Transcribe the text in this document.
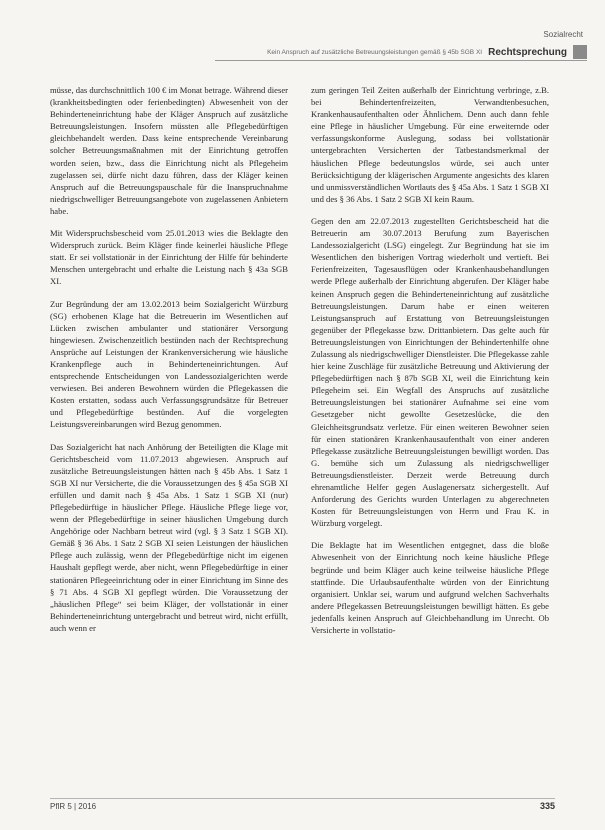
Sozialrecht
Kein Anspruch auf zusätzliche Betreuungsleistungen gemäß § 45b SGB XI Rechtsprechung

müsse, das durchschnittlich 100 € im Monat betrage. Während dieser (krankheitsbedingten oder ferienbedingten) Abwesenheit von der Behinderteneinrichtung habe der Kläger Anspruch auf zusätzliche Betreuungsleistungen. Insofern müssten alle Pflegebedürftigen gleichbehandelt werden. Dass keine entsprechende Vereinbarung solcher Betreuungsmaßnahmen mit der Einrichtung getroffen worden seien, bzw., dass die Einrichtung nicht als Pflegeheim zugelassen sei, dürfe nicht dazu führen, dass der Kläger keinen Anspruch auf die Betreuungspauschale für die Inanspruchnahme niedrigschwelliger Betreuungsangebote von zugelassenen Anbietern habe.

Mit Widerspruchsbescheid vom 25.01.2013 wies die Beklagte den Widerspruch zurück. Beim Kläger finde keinerlei häusliche Pflege statt. Er sei vollstationär in der Einrichtung der Hilfe für behinderte Menschen untergebracht und erhalte die Leistung nach § 43a SGB XI.

Zur Begründung der am 13.02.2013 beim Sozialgericht Würzburg (SG) erhobenen Klage hat die Betreuerin im Wesentlichen auf Lücken zwischen ambulanter und stationärer Versorgung hingewiesen. Zwischenzeitlich bestünden nach der Rechtsprechung Ansprüche auf Leistungen der Krankenversicherung wie häusliche Krankenpflege auch in Behinderteneinrichtungen. Auf entsprechende Entscheidungen von Landessozialgerichten werde verwiesen. Bei anderen Bewohnern würden die Pflegekassen die Kosten erstatten, sodass auch Verfassungsgrundsätze für Betreuer und Pflegebedürftige bestünden. Auf die vorgelegten Leistungsvereinbarungen wird Bezug genommen.

Das Sozialgericht hat nach Anhörung der Beteiligten die Klage mit Gerichtsbescheid vom 11.07.2013 abgewiesen. Anspruch auf zusätzliche Betreuungsleistungen hätten nach § 45b Abs. 1 Satz 1 SGB XI nur Versicherte, die die Voraussetzungen des § 45a SGB XI erfüllen und damit nach § 45a Abs. 1 Satz 1 SGB XI (nur) Pflegebedürftige in häuslicher Pflege. Häusliche Pflege liege vor, wenn der Pflegebedürftige in seiner häuslichen Umgebung durch Angehörige oder Nachbarn betreut wird (vgl. § 3 Satz 1 SGB XI). Gemäß § 36 Abs. 1 Satz 2 SGB XI seien Leistungen der häuslichen Pflege auch zulässig, wenn der Pflegebedürftige nicht im eigenen Haushalt gepflegt werde, aber nicht, wenn Pflegebedürftige in einer stationären Pflegeeinrichtung oder in einer Einrichtung im Sinne des § 71 Abs. 4 SGB XI gepflegt würden. Die Voraussetzung der „häuslichen Pflege“ sei beim Kläger, der vollstationär in einer Behinderteneinrichtung untergebracht und betreut wird, nicht erfüllt, auch wenn er

zum geringen Teil Zeiten außerhalb der Einrichtung verbringe, z.B. bei Behindertenfreizeiten, Verwandtenbesuchen, Krankenhausaufenthalten oder Ähnlichem. Denn auch dann fehle eine Pflege in häuslicher Umgebung. Für eine erweiternde oder verfassungskonforme Auslegung, sodass bei vollstationär untergebrachten Versicherten der Tatbestandsmerkmal der häuslichen Pflege bedeutungslos würde, sei auch unter Berücksichtigung der klägerischen Argumente angesichts des klaren und unmissverständlichen Wortlauts des § 45a Abs. 1 Satz 1 SGB XI und des § 36 Abs. 1 Satz 2 SGB XI kein Raum.

Gegen den am 22.07.2013 zugestellten Gerichtsbescheid hat die Betreuerin am 30.07.2013 Berufung zum Bayerischen Landessozialgericht (LSG) eingelegt. Zur Begründung hat sie im Wesentlichen den bisherigen Vortrag wiederholt und vertieft. Bei Ferienfreizeiten, Tagesausflügen oder Krankenhausbehandlungen werde Pflege außerhalb der Einrichtung abgerufen. Der Kläger habe keinen Anspruch gegen die Behinderteneinrichtung auf zusätzliche Betreuungsleistungen. Darum habe er einen weiteren Leistungsanspruch auf Erstattung von Betreuungsleistungen gegenüber der Pflegekasse bzw. Drittanbietern. Das gelte auch für Betreuungsleistungen von Einrichtungen der Behindertenhilfe ohne Zulassung als niedrigschwelliger Dienstleister. Die Pflegekasse zahle hier keine Zuschläge für zusätzliche Betreuung und Aktivierung der Pflegebedürftigen nach § 87b SGB XI, weil die Einrichtung kein Pflegeheim sei. Ein Wegfall des Anspruchs auf zusätzliche Betreuungsleistungen bei stationärer Aufnahme sei eine vom Gesetzgeber nicht gewollte Gesetzeslücke, die den Gleichheitsgrundsatz verletze. Für einen weiteren Bewohner seien für einen stationären Krankenhausaufenthalt von einer anderen Pflegekasse zusätzliche Betreuungsleistungen bewilligt worden. Das G. bemühe sich um Zulassung als niedrigschwelliger Betreuungsdienstleister. Derzeit werde Betreuung durch ehrenamtliche Helfer gegen Auslagenersatz sichergestellt. Auf Anforderung des Gerichts wurden Unterlagen zu abgerechneten Kosten für Betreuungsleistungen von Herrn und Frau K. in Würzburg vorgelegt.

Die Beklagte hat im Wesentlichen entgegnet, dass die bloße Abwesenheit von der Einrichtung noch keine häusliche Pflege begründe und beim Kläger auch keine teilweise häusliche Pflege stattfinde. Die Urlaubsaufenthalte würden von der Einrichtung organisiert. Unklar sei, warum und aufgrund welchen Sachverhalts andere Pflegekassen Betreuungsleistungen bewilligt hätten. Es gebe jedenfalls keinen Anspruch auf Gleichbehandlung im Unrecht. Ob Versicherte in vollstatio-

PflR 5 | 2016	335
